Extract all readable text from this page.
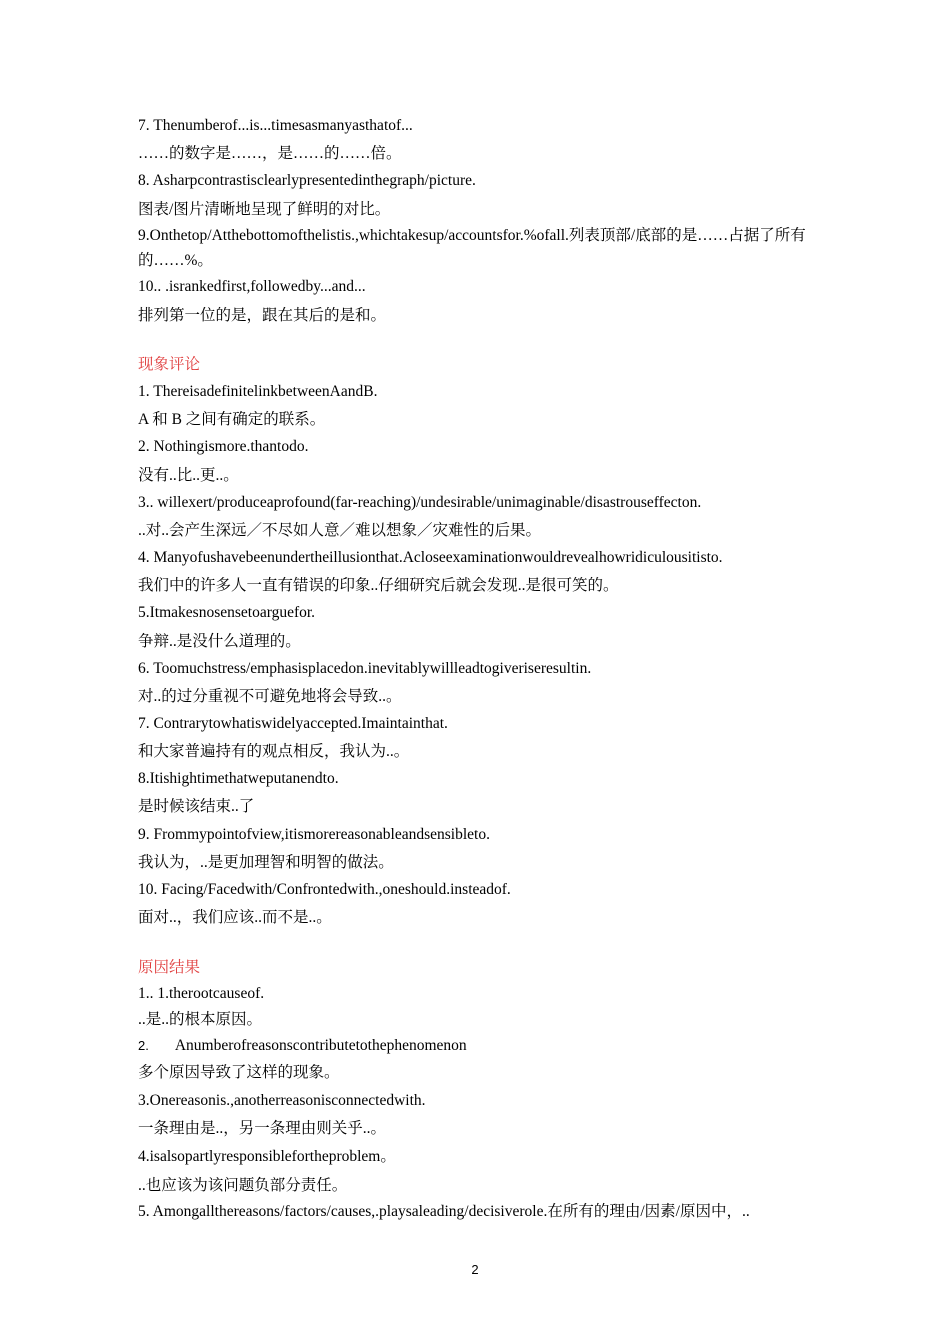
7. Thenumberof...is...timesasmanyasthatof...
……的数字是……，是……的……倍。
8. Asharpcontrastisclearlypresentedinthegraph/picture.
图表/图片清晰地呈现了鲜明的对比。
9.Onthetop/Atthebottomofthelistis.,whichtakesup/accountsfor.%ofall.列表顶部/底部的是……占据了所有的……%。
10.. .isrankedfirst,followedby...and...
排列第一位的是，跟在其后的是和。
现象评论
1. ThereisadefinitelinkbetweenAandB.
A 和 B 之间有确定的联系。
2. Nothingismore.thantodo.
没有..比..更..。
3.. willexert/produceaprofound(far-reaching)/undesirable/unimaginable/disastrouseffecton.
..对..会产生深远／不尽如人意／难以想象／灾难性的后果。
4. Manyofushavebeenundertheillusionthat.Acloseexaminationwouldrevealhowridiculousitisto.
我们中的许多人一直有错误的印象..仔细研究后就会发现..是很可笑的。
5.Itmakesnosensetoarguefor.
争辩..是没什么道理的。
6. Toomuchstress/emphasisplacedon.inevitablywillleadtogiveriseresultin.
对..的过分重视不可避免地将会导致..。
7. Contrarytowhatiswidelyaccepted.Imaintainthat.
和大家普遍持有的观点相反，我认为..。
8.Itishightimethatweputanendto.
是时候该结束..了
9. Frommypointofview,itismorereasonableandsensibleto.
我认为，..是更加理智和明智的做法。
10. Facing/Facedwith/Confrontedwith.,oneshould.insteadof.
面对..，我们应该..而不是..。
原因结果
1.. 1.therootcauseof.
..是..的根本原因。
2. Anumberofreasonscontributetothephenomenon
多个原因导致了这样的现象。
3.Onereasonis.,anotherreasonisconnectedwith.
一条理由是..，另一条理由则关乎..。
4.isalsopartlyresponsiblefortheproblem。
..也应该为该问题负部分责任。
5. Amongallthereasons/factors/causes,.playsaleading/decisiverole.在所有的理由/因素/原因中，..
2
